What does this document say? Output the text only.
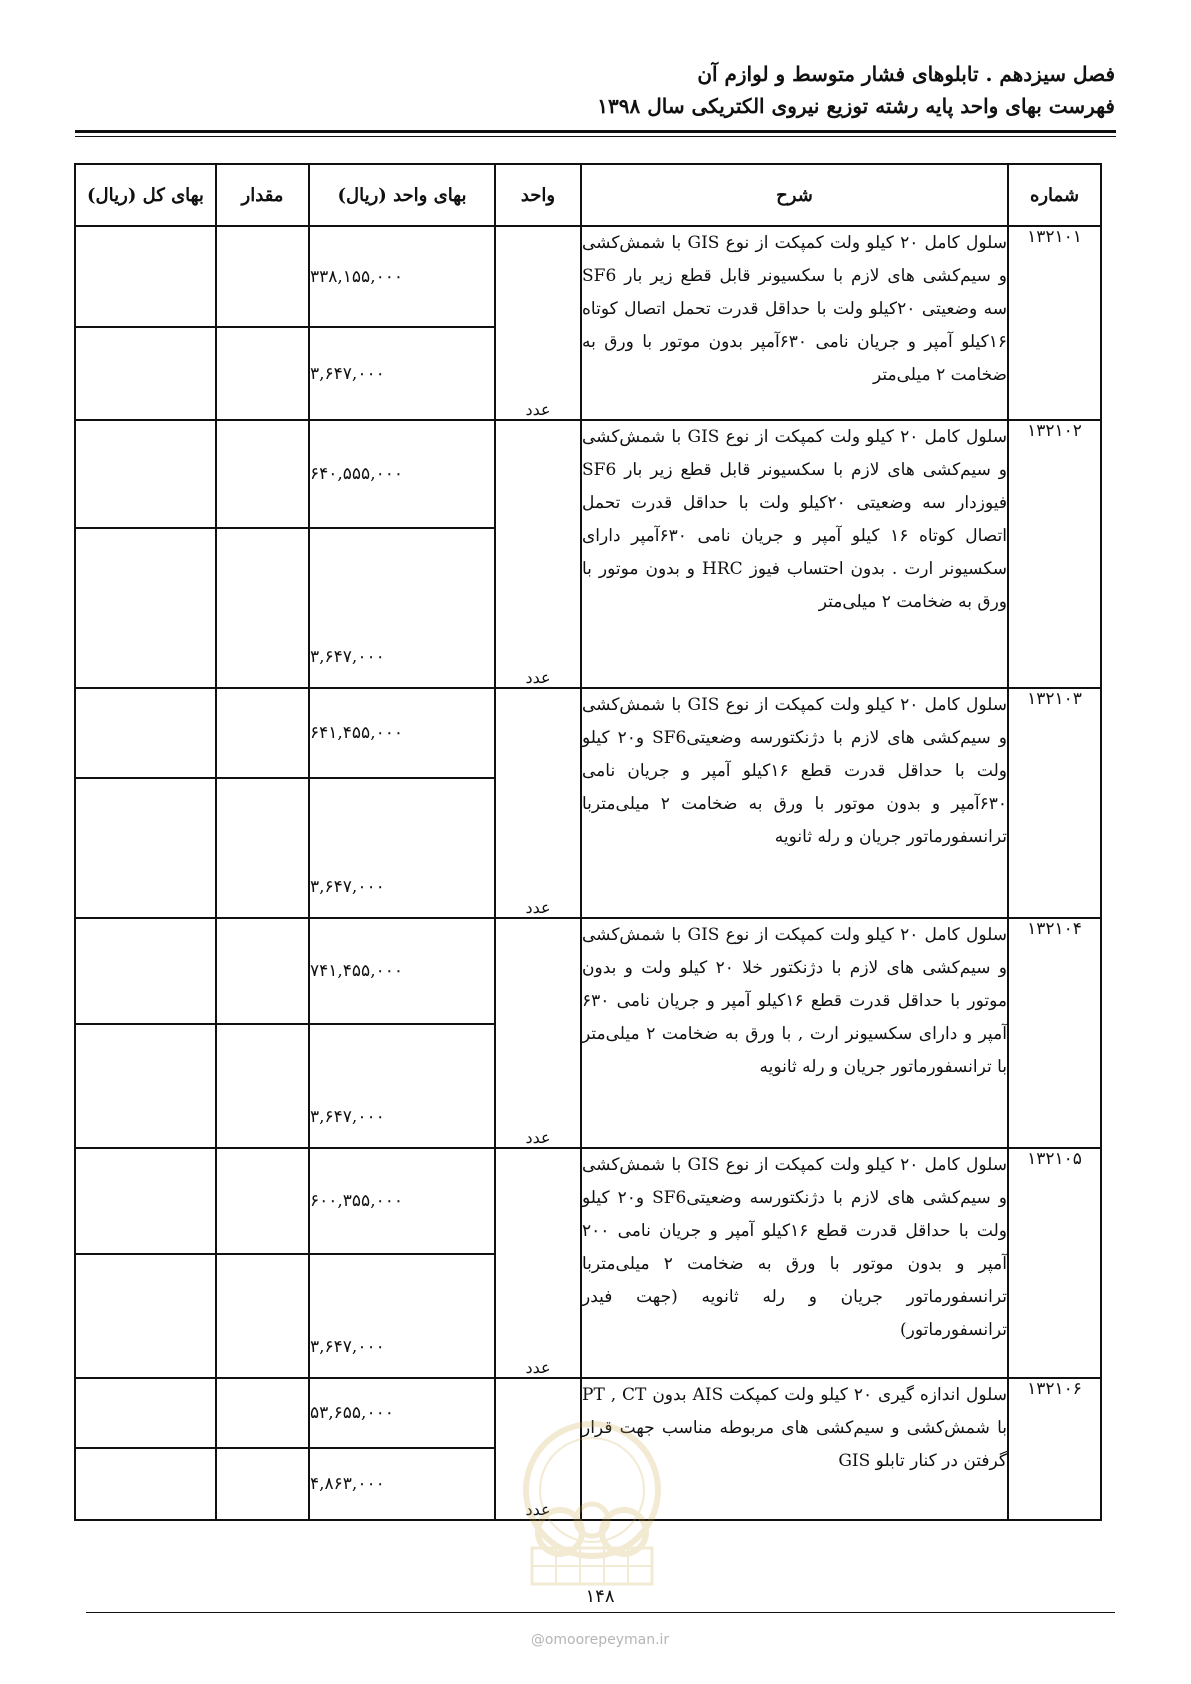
فصل سیزدهم . تابلوهای فشار متوسط و لوازم آن
فهرست بهای واحد پایه رشته توزیع نیروی الکتریکی سال ۱۳۹۸
شماره	شرح	واحد	بهای واحد (ریال)	مقدار	بهای کل (ریال)
۱۳۲۱۰۱	سلول کامل ۲۰ کیلو ولت کمپکت از نوع GIS با شمش‌کشی و سیم‌کشی های لازم با سکسیونر قابل قطع زیر بار SF6 سه وضعیتی ۲۰کیلو ولت با حداقل قدرت تحمل اتصال کوتاه ۱۶کیلو آمپر و جریان نامی ۶۳۰آمپر بدون موتور با ورق به ضخامت ۲ میلی‌متر	عدد	۳۳۸,۱۵۵,۰۰۰		
			۳,۶۴۷,۰۰۰		
۱۳۲۱۰۲	سلول کامل ۲۰ کیلو ولت کمپکت از نوع GIS با شمش‌کشی و سیم‌کشی های لازم با سکسیونر قابل قطع زیر بار SF6 فیوزدار سه وضعیتی ۲۰کیلو ولت با حداقل قدرت تحمل اتصال کوتاه ۱۶ کیلو آمپر و جریان نامی ۶۳۰آمپر دارای سکسیونر ارت . بدون احتساب فیوز HRC و بدون موتور با ورق به ضخامت ۲ میلی‌متر	عدد	۶۴۰,۵۵۵,۰۰۰		
			۳,۶۴۷,۰۰۰		
۱۳۲۱۰۳	سلول کامل ۲۰ کیلو ولت کمپکت از نوع GIS با شمش‌کشی و سیم‌کشی های لازم با دژنکتورسه وضعیتیSF6 و۲۰ کیلو ولت با حداقل قدرت قطع ۱۶کیلو آمپر و جریان نامی ۶۳۰آمپر و بدون موتور با ورق به ضخامت ۲ میلی‌متربا ترانسفورماتور جریان و رله ثانویه	عدد	۶۴۱,۴۵۵,۰۰۰		
			۳,۶۴۷,۰۰۰		
۱۳۲۱۰۴	سلول کامل ۲۰ کیلو ولت کمپکت از نوع GIS با شمش‌کشی و سیم‌کشی های لازم با دژنکتور خلا ۲۰ کیلو ولت و بدون موتور با حداقل قدرت قطع ۱۶کیلو آمپر و جریان نامی ۶۳۰ آمپر و دارای سکسیونر ارت , با ورق به ضخامت ۲ میلی‌متر با ترانسفورماتور جریان و رله ثانویه	عدد	۷۴۱,۴۵۵,۰۰۰		
			۳,۶۴۷,۰۰۰		
۱۳۲۱۰۵	سلول کامل ۲۰ کیلو ولت کمپکت از نوع GIS با شمش‌کشی و سیم‌کشی های لازم با دژنکتورسه وضعیتیSF6 و۲۰ کیلو ولت با حداقل قدرت قطع ۱۶کیلو آمپر و جریان نامی ۲۰۰ آمپر و بدون موتور با ورق به ضخامت ۲ میلی‌متربا ترانسفورماتور جریان و رله ثانویه (جهت فیدر ترانسفورماتور)	عدد	۶۰۰,۳۵۵,۰۰۰		
			۳,۶۴۷,۰۰۰		
۱۳۲۱۰۶	سلول اندازه گیری ۲۰ کیلو ولت کمپکت AIS بدون PT , CT با شمش‌کشی و سیم‌کشی های مربوطه مناسب جهت قرار گرفتن در کنار تابلو GIS	عدد	۵۳,۶۵۵,۰۰۰		
			۴,۸۶۳,۰۰۰		
۱۴۸
@omoorepeyman.ir
